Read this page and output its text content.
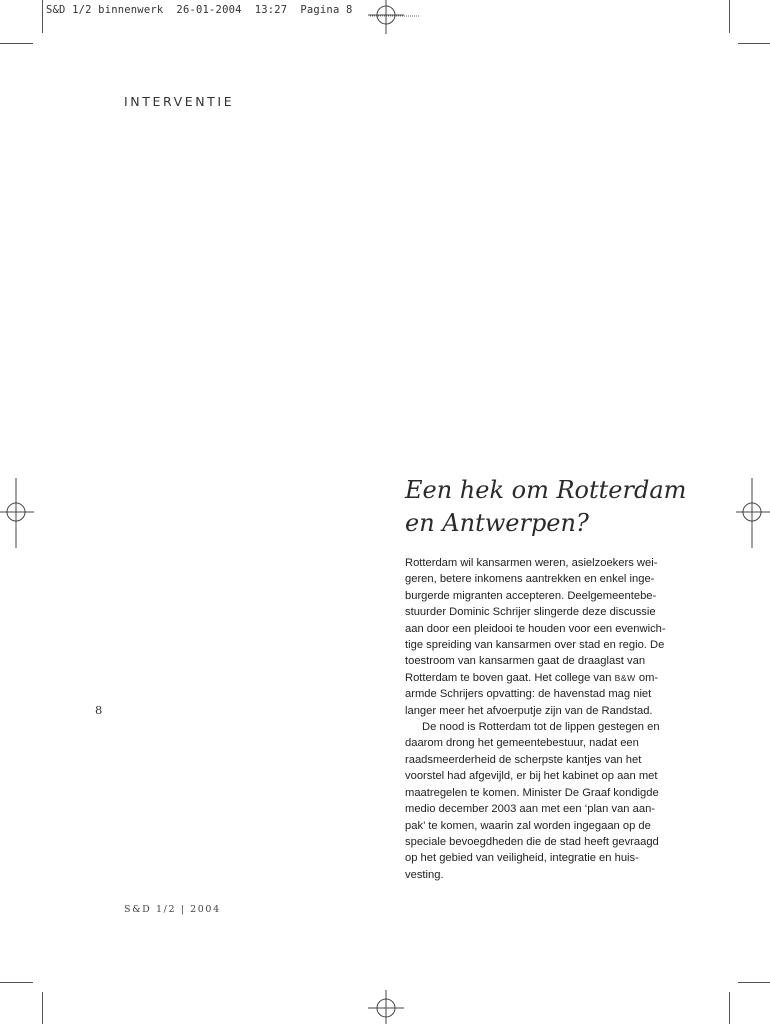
S&D 1/2 binnenwerk  26-01-2004  13:27  Pagina 8
INTERVENTIE
Een hek om Rotterdam
en Antwerpen?

Rotterdam wil kansarmen weren, asielzoekers wei-
geren, betere inkomens aantrekken en enkel inge-
burgerde migranten accepteren. Deelgemeentebe-
stuurder Dominic Schrijer slingerde deze discussie
aan door een pleidooi te houden voor een evenwich-
tige spreiding van kansarmen over stad en regio. De
toestroom van kansarmen gaat de draaglast van
Rotterdam te boven gaat. Het college van B&W om-
armde Schrijers opvatting: de havenstad mag niet
langer meer het afvoerputje zijn van de Randstad.

De nood is Rotterdam tot de lippen gestegen en
daarom drong het gemeentebestuur, nadat een
raadsmeerderheid de scherpste kantjes van het
voorstel had afgevijld, er bij het kabinet op aan met
maatregelen te komen. Minister De Graaf kondigde
medio december 2003 aan met een ‘plan van aan-
pak’ te komen, waarin zal worden ingegaan op de
speciale bevoegdheden die de stad heeft gevraagd
op het gebied van veiligheid, integratie en huis-
vesting.

8
S&D 1/2 | 2004
